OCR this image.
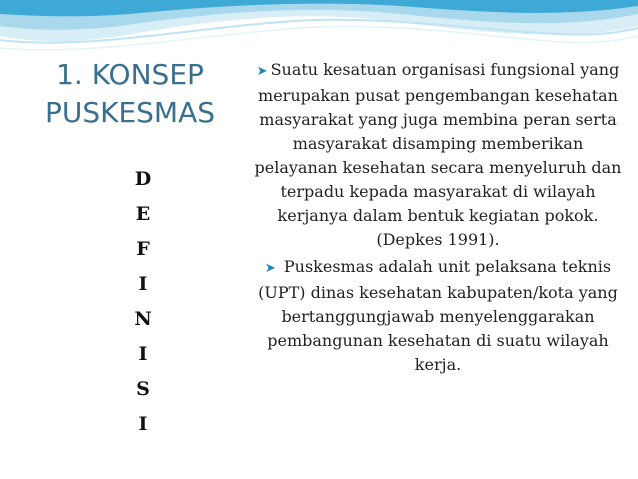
1. KONSEP
PUSKESMAS
D
E
F
I
N
I
S
I

➤ Suatu kesatuan organisasi fungsional yang merupakan pusat pengembangan kesehatan masyarakat yang juga membina peran serta masyarakat disamping memberikan pelayanan kesehatan secara menyeluruh dan terpadu kepada masyarakat di wilayah kerjanya dalam bentuk kegiatan pokok. (Depkes 1991).

➤ Puskesmas adalah unit pelaksana teknis (UPT) dinas kesehatan kabupaten/kota yang bertanggungjawab menyelenggarakan pembangunan kesehatan di suatu wilayah kerja.
